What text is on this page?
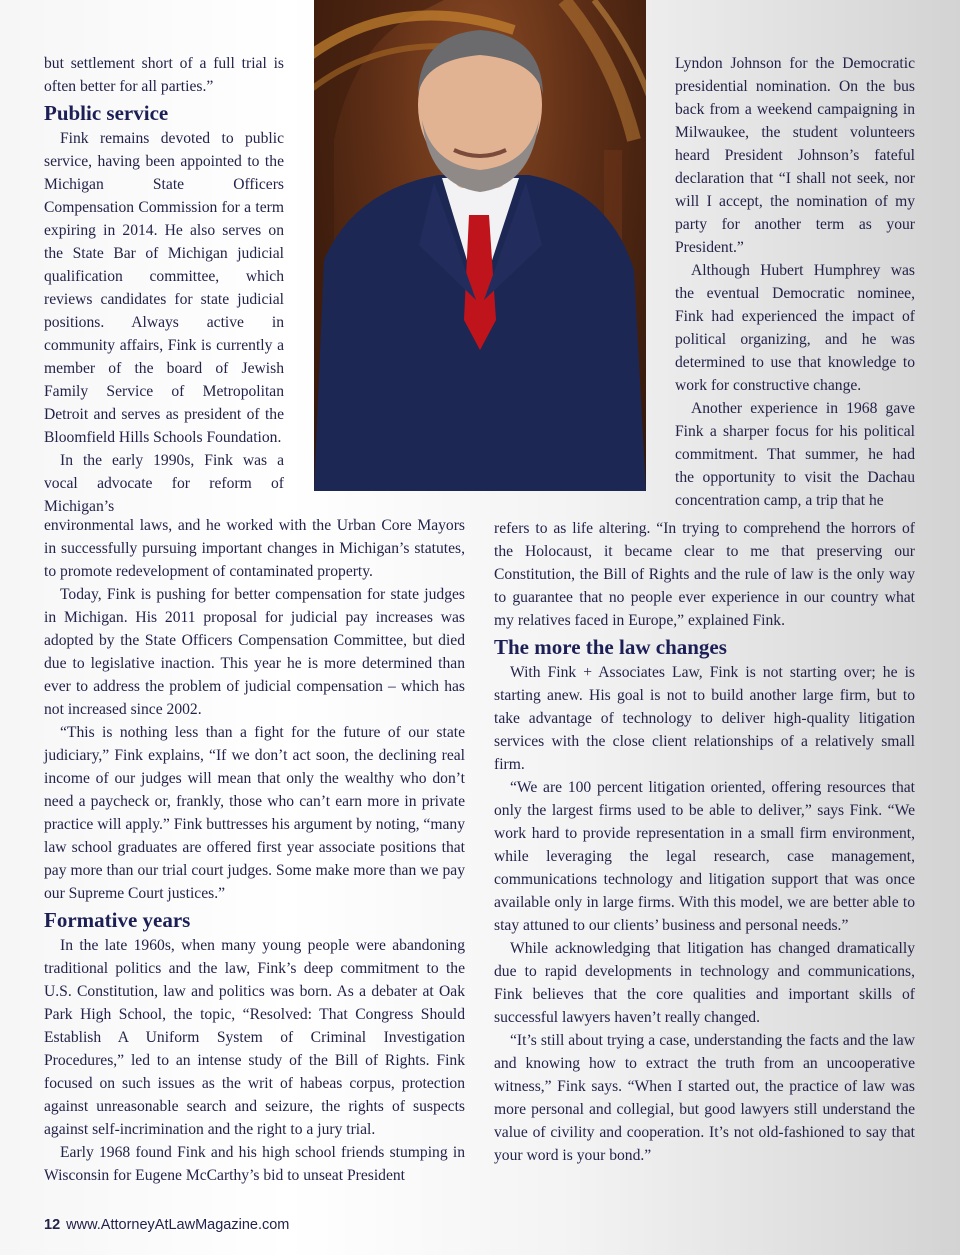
but settlement short of a full trial is often better for all parties.”

Public service

Fink remains devoted to public service, having been appointed to the Michigan State Officers Compensation Commission for a term expiring in 2014. He also serves on the State Bar of Michigan judicial qualification committee, which reviews candidates for state judicial positions. Always active in community affairs, Fink is currently a member of the board of Jewish Family Service of Metropolitan Detroit and serves as president of the Bloomfield Hills Schools Foundation.

In the early 1990s, Fink was a vocal advocate for reform of Michigan’s

environmental laws, and he worked with the Urban Core Mayors in successfully pursuing important changes in Michigan’s statutes, to promote redevelopment of contaminated property.

Today, Fink is pushing for better compensation for state judges in Michigan. His 2011 proposal for judicial pay increases was adopted by the State Officers Compensation Committee, but died due to legislative inaction. This year he is more determined than ever to address the problem of judicial compensation – which has not increased since 2002.

“This is nothing less than a fight for the future of our state judiciary,” Fink explains, “If we don’t act soon, the declining real income of our judges will mean that only the wealthy who don’t need a paycheck or, frankly, those who can’t earn more in private practice will apply.” Fink buttresses his argument by noting, “many law school graduates are offered first year associate positions that pay more than our trial court judges. Some make more than we pay our Supreme Court justices.”

Formative years

In the late 1960s, when many young people were abandoning traditional politics and the law, Fink’s deep commitment to the U.S. Constitution, law and politics was born. As a debater at Oak Park High School, the topic, “Resolved: That Congress Should Establish A Uniform System of Criminal Investigation Procedures,” led to an intense study of the Bill of Rights. Fink focused on such issues as the writ of habeas corpus, protection against unreasonable search and seizure, the rights of suspects against self-incrimination and the right to a jury trial.

Early 1968 found Fink and his high school friends stumping in Wisconsin for Eugene McCarthy’s bid to unseat President

Lyndon Johnson for the Democratic presidential nomination. On the bus back from a weekend campaigning in Milwaukee, the student volunteers heard President Johnson’s fateful declaration that “I shall not seek, nor will I accept, the nomination of my party for another term as your President.”

Although Hubert Humphrey was the eventual Democratic nominee, Fink had experienced the impact of political organizing, and he was determined to use that knowledge to work for constructive change.

Another experience in 1968 gave Fink a sharper focus for his political commitment. That summer, he had the opportunity to visit the Dachau concentration camp, a trip that he

refers to as life altering. “In trying to comprehend the horrors of the Holocaust, it became clear to me that preserving our Constitution, the Bill of Rights and the rule of law is the only way to guarantee that no people ever experience in our country what my relatives faced in Europe,” explained Fink.

The more the law changes

With Fink + Associates Law, Fink is not starting over; he is starting anew. His goal is not to build another large firm, but to take advantage of technology to deliver high-quality litigation services with the close client relationships of a relatively small firm.

“We are 100 percent litigation oriented, offering resources that only the largest firms used to be able to deliver,” says Fink. “We work hard to provide representation in a small firm environment, while leveraging the legal research, case management, communications technology and litigation support that was once available only in large firms. With this model, we are better able to stay attuned to our clients’ business and personal needs.”

While acknowledging that litigation has changed dramatically due to rapid developments in technology and communications, Fink believes that the core qualities and important skills of successful lawyers haven’t really changed.

“It’s still about trying a case, understanding the facts and the law and knowing how to extract the truth from an uncooperative witness,” Fink says. “When I started out, the practice of law was more personal and collegial, but good lawyers still understand the value of civility and cooperation. It’s not old-fashioned to say that your word is your bond.”

12 www.AttorneyAtLawMagazine.com
